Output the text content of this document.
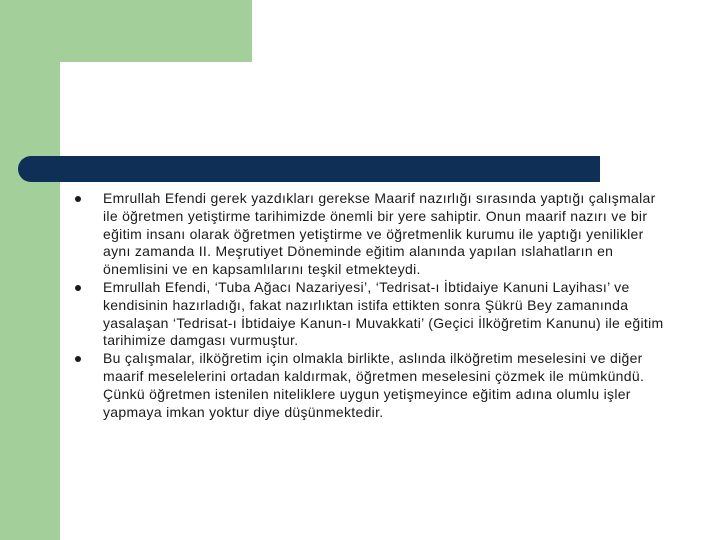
Emrullah Efendi gerek yazdıkları gerekse Maarif nazırlığı sırasında yaptığı çalışmalar ile öğretmen yetiştirme tarihimizde önemli bir yere sahiptir. Onun maarif nazırı ve bir eğitim insanı olarak öğretmen yetiştirme ve öğretmenlik kurumu ile yaptığı yenilikler aynı zamanda II. Meşrutiyet Döneminde eğitim alanında yapılan ıslahatların en önemlisini ve en kapsamlılarını teşkil etmekteydi.
Emrullah Efendi, ‘Tuba Ağacı Nazariyesi’, ‘Tedrisat-ı İbtidaiye Kanuni Layihası’ ve kendisinin hazırladığı, fakat nazırlıktan istifa ettikten sonra Şükrü Bey zamanında yasalaşan ‘Tedrisat-ı İbtidaiye Kanun-ı Muvakkati’ (Geçici İlköğretim Kanunu) ile eğitim tarihimize damgası vurmuştur.
Bu çalışmalar, ilköğretim için olmakla birlikte, aslında ilköğretim meselesini ve diğer maarif meselelerini ortadan kaldırmak, öğretmen meselesini çözmek ile mümkündü. Çünkü öğretmen istenilen niteliklere uygun yetişmeyince eğitim adına olumlu işler yapmaya imkan yoktur diye düşünmektedir.
